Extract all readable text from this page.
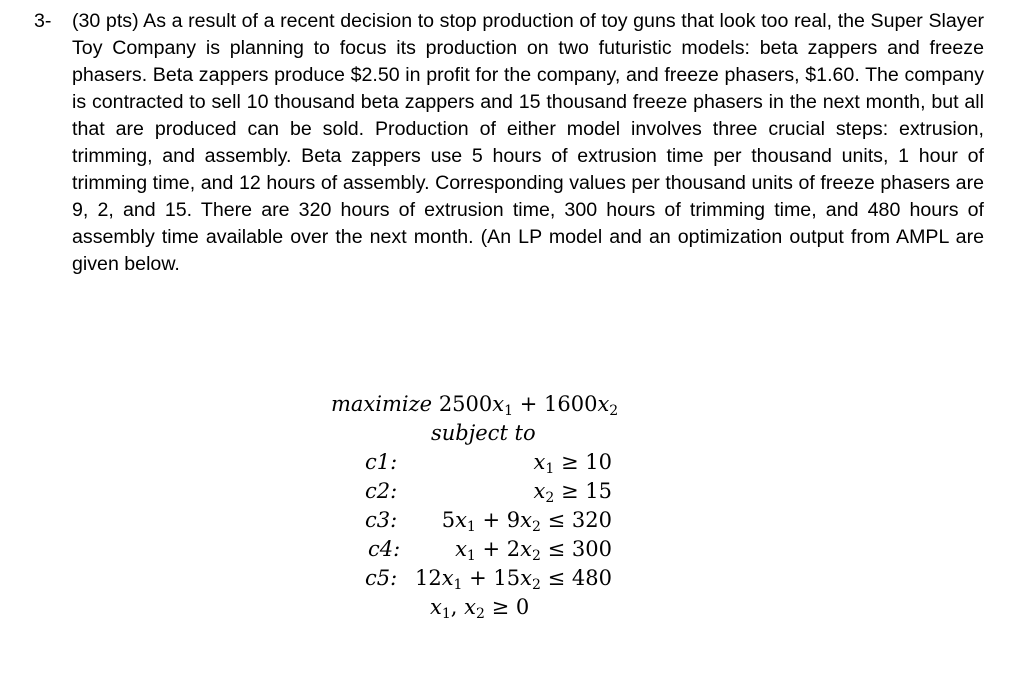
3-	(30 pts) As a result of a recent decision to stop production of toy guns that look too real, the Super Slayer Toy Company is planning to focus its production on two futuristic models: beta zappers and freeze phasers. Beta zappers produce $2.50 in profit for the company, and freeze phasers, $1.60. The company is contracted to sell 10 thousand beta zappers and 15 thousand freeze phasers in the next month, but all that are produced can be sold. Production of either model involves three crucial steps: extrusion, trimming, and assembly. Beta zappers use 5 hours of extrusion time per thousand units, 1 hour of trimming time, and 12 hours of assembly. Corresponding values per thousand units of freeze phasers are 9, 2, and 15. There are 320 hours of extrusion time, 300 hours of trimming time, and 480 hours of assembly time available over the next month. (An LP model and an optimization output from AMPL are given below.
maximize $2500x_1 + 1600x_2$
subject to
c1:	$x_1 \ge 10$
c2:	$x_2 \ge 15$
c3: $5x_1 + 9x_2 \le 320$
c4:	$x_1 + 2x_2 \le 300$
c5: $12x_1 + 15x_2 \le 480$
$x_1$, $x_2 \ge 0$
